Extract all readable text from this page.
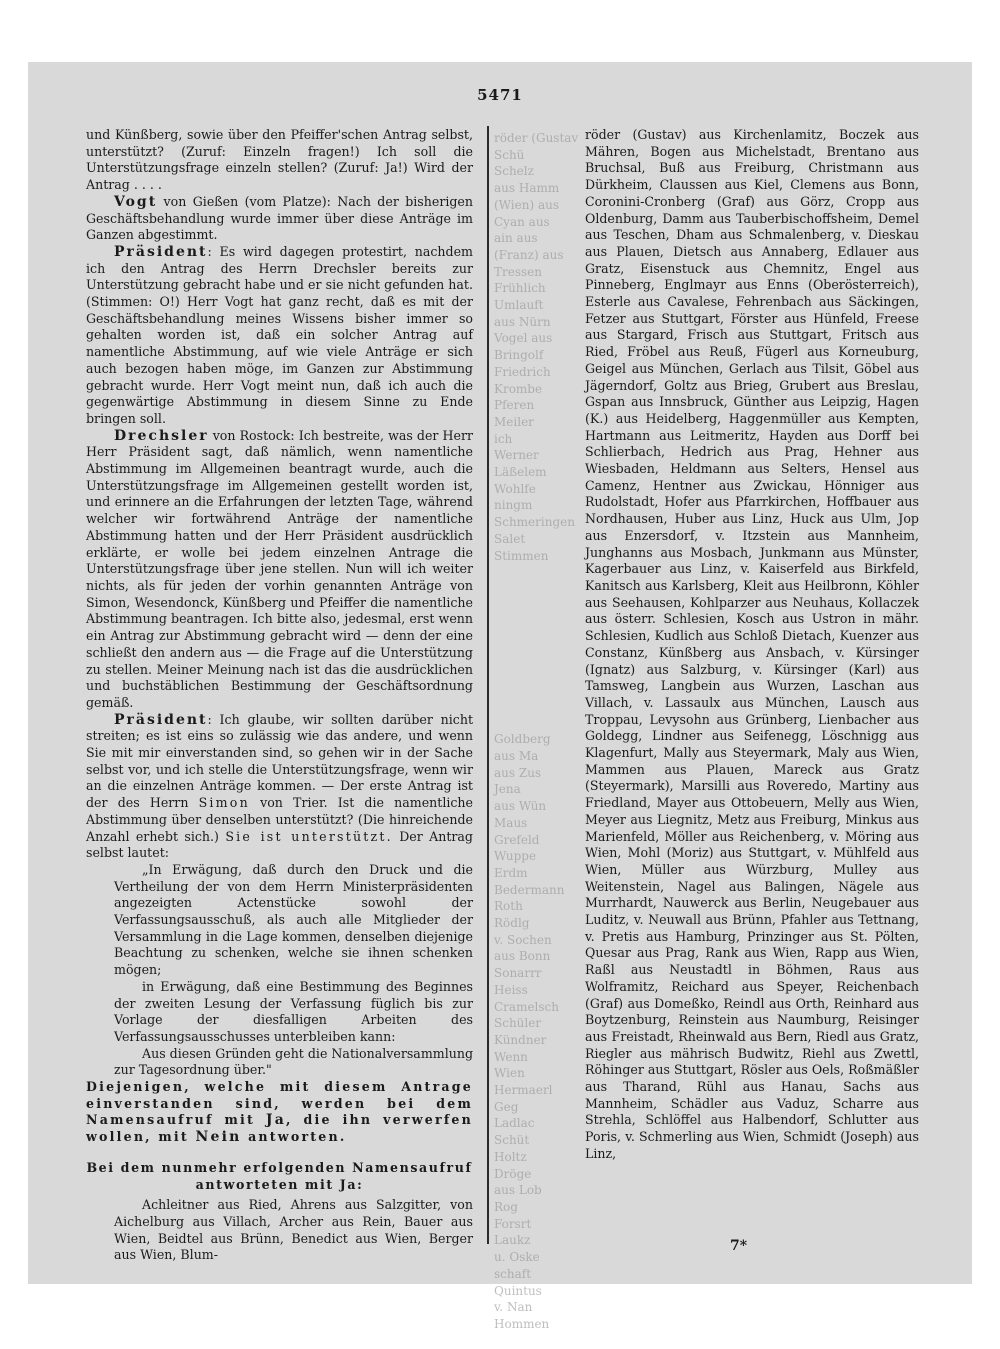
5471

und Künßberg, sowie über den Pfeiffer'schen Antrag selbst, unterstützt? (Zuruf: Einzeln fragen!) Ich soll die Unterstützungsfrage einzeln stellen? (Zuruf: Ja!) Wird der Antrag . . . .

Vogt von Gießen (vom Platze): Nach der bisherigen Geschäftsbehandlung wurde immer über diese Anträge im Ganzen abgestimmt.

Präsident: Es wird dagegen protestirt, nachdem ich den Antrag des Herrn Drechsler bereits zur Unterstützung gebracht habe und er sie nicht gefunden hat. (Stimmen: O!) Herr Vogt hat ganz recht, daß es mit der Geschäftsbehandlung meines Wissens bisher immer so gehalten worden ist, daß ein solcher Antrag auf namentliche Abstimmung, auf wie viele Anträge er sich auch bezogen haben möge, im Ganzen zur Abstimmung gebracht wurde. Herr Vogt meint nun, daß ich auch die gegenwärtige Abstimmung in diesem Sinne zu Ende bringen soll.

Drechsler von Rostock: Ich bestreite, was der Herr Herr Präsident sagt, daß nämlich, wenn namentliche Abstimmung im Allgemeinen beantragt wurde, auch die Unterstützungsfrage im Allgemeinen gestellt worden ist, und erinnere an die Erfahrungen der letzten Tage, während welcher wir fortwährend Anträge der namentliche Abstimmung hatten und der Herr Präsident ausdrücklich erklärte, er wolle bei jedem einzelnen Antrage die Unterstützungsfrage über jene stellen. Nun will ich weiter nichts, als für jeden der vorhin genannten Anträge von Simon, Wesendonck, Künßberg und Pfeiffer die namentliche Abstimmung beantragen. Ich bitte also, jedesmal, erst wenn ein Antrag zur Abstimmung gebracht wird — denn der eine schließt den andern aus — die Frage auf die Unterstützung zu stellen. Meiner Meinung nach ist das die ausdrücklichen und buchstäblichen Bestimmung der Geschäftsordnung gemäß.

Präsident: Ich glaube, wir sollten darüber nicht streiten; es ist eins so zulässig wie das andere, und wenn Sie mit mir einverstanden sind, so gehen wir in der Sache selbst vor, und ich stelle die Unterstützungsfrage, wenn wir an die einzelnen Anträge kommen. — Der erste Antrag ist der des Herrn Simon von Trier. Ist die namentliche Abstimmung über denselben unterstützt? (Die hinreichende Anzahl erhebt sich.) Sie ist unterstützt. Der Antrag selbst lautet:

„In Erwägung, daß durch den Druck und die Vertheilung der von dem Herrn Ministerpräsidenten angezeigten Actenstücke sowohl der Verfassungsausschuß, als auch alle Mitglieder der Versammlung in die Lage kommen, denselben diejenige Beachtung zu schenken, welche sie ihnen schenken mögen;

in Erwägung, daß eine Bestimmung des Beginnes der zweiten Lesung der Verfassung füglich bis zur Vorlage der diesfalligen Arbeiten des Verfassungsausschusses unterbleiben kann:

Aus diesen Gründen geht die Nationalversammlung zur Tagesordnung über."

Diejenigen, welche mit diesem Antrage einverstanden sind, werden bei dem Namensaufruf mit Ja, die ihn verwerfen wollen, mit Nein antworten.

Bei dem nunmehr erfolgenden Namensaufruf
antworteten mit Ja:

Achleitner aus Ried, Ahrens aus Salzgitter, von Aichelburg aus Villach, Archer aus Rein, Bauer aus Wien, Beidtel aus Brünn, Benedict aus Wien, Berger aus Wien, Blum-

röder (Gustav
Schü
Schelz
aus Hamm
(Wien) aus
Cyan aus
ain aus
(Franz) aus
Tressen
Frühlich
Umlauft
aus Nürn
Vogel aus
Bringolf
Friedrich
Krombe
Pferen
Meiler
ich
Werner
Läßelem
Wohlfe
ningm
Schmeringen
Salet
Stimmen

Goldberg
aus Ma
aus Zus
Jena
aus Wün
Maus
Grefeld
Wuppe
Erdm
Bedermann
Roth
Rödlg
v. Sochen
aus Bonn
Sonarrr
Heiss
Cramelsch
Schüler
Kündner
Wenn
Wien
Hermaerl
Geg
Ladlac
Schüt
Holtz
Dröge
aus Lob
Rog
Forsrt
Laukz
u. Oske
schaft
Quintus
v. Nan
Hommen

röder (Gustav) aus Kirchenlamitz, Boczek aus Mähren, Bogen aus Michelstadt, Brentano aus Bruchsal, Buß aus Freiburg, Christmann aus Dürkheim, Claussen aus Kiel, Clemens aus Bonn, Coronini-Cronberg (Graf) aus Görz, Cropp aus Oldenburg, Damm aus Tauberbischoffsheim, Demel aus Teschen, Dham aus Schmalenberg, v. Dieskau aus Plauen, Dietsch aus Annaberg, Edlauer aus Gratz, Eisenstuck aus Chemnitz, Engel aus Pinneberg, Englmayr aus Enns (Oberösterreich), Esterle aus Cavalese, Fehrenbach aus Säckingen, Fetzer aus Stuttgart, Förster aus Hünfeld, Freese aus Stargard, Frisch aus Stuttgart, Fritsch aus Ried, Fröbel aus Reuß, Fügerl aus Korneuburg, Geigel aus München, Gerlach aus Tilsit, Göbel aus Jägerndorf, Goltz aus Brieg, Grubert aus Breslau, Gspan aus Innsbruck, Günther aus Leipzig, Hagen (K.) aus Heidelberg, Haggenmüller aus Kempten, Hartmann aus Leitmeritz, Hayden aus Dorff bei Schlierbach, Hedrich aus Prag, Hehner aus Wiesbaden, Heldmann aus Selters, Hensel aus Camenz, Hentner aus Zwickau, Hönniger aus Rudolstadt, Hofer aus Pfarrkirchen, Hoffbauer aus Nordhausen, Huber aus Linz, Huck aus Ulm, Jop aus Enzersdorf, v. Itzstein aus Mannheim, Junghanns aus Mosbach, Junkmann aus Münster, Kagerbauer aus Linz, v. Kaiserfeld aus Birkfeld, Kanitsch aus Karlsberg, Kleit aus Heilbronn, Köhler aus Seehausen, Kohlparzer aus Neuhaus, Kollaczek aus österr. Schlesien, Kosch aus Ustron in mähr. Schlesien, Kudlich aus Schloß Dietach, Kuenzer aus Constanz, Künßberg aus Ansbach, v. Kürsinger (Ignatz) aus Salzburg, v. Kürsinger (Karl) aus Tamsweg, Langbein aus Wurzen, Laschan aus Villach, v. Lassaulx aus München, Lausch aus Troppau, Levysohn aus Grünberg, Lienbacher aus Goldegg, Lindner aus Seifenegg, Löschnigg aus Klagenfurt, Mally aus Steyermark, Maly aus Wien, Mammen aus Plauen, Mareck aus Gratz (Steyermark), Marsilli aus Roveredo, Martiny aus Friedland, Mayer aus Ottobeuern, Melly aus Wien, Meyer aus Liegnitz, Metz aus Freiburg, Minkus aus Marienfeld, Möller aus Reichenberg, v. Möring aus Wien, Mohl (Moriz) aus Stuttgart, v. Mühlfeld aus Wien, Müller aus Würzburg, Mulley aus Weitenstein, Nagel aus Balingen, Nägele aus Murrhardt, Nauwerck aus Berlin, Neugebauer aus Luditz, v. Neuwall aus Brünn, Pfahler aus Tettnang, v. Pretis aus Hamburg, Prinzinger aus St. Pölten, Quesar aus Prag, Rank aus Wien, Rapp aus Wien, Raßl aus Neustadtl in Böhmen, Raus aus Wolframitz, Reichard aus Speyer, Reichenbach (Graf) aus Domeßko, Reindl aus Orth, Reinhard aus Boytzenburg, Reinstein aus Naumburg, Reisinger aus Freistadt, Rheinwald aus Bern, Riedl aus Gratz, Riegler aus mährisch Budwitz, Riehl aus Zwettl, Röhinger aus Stuttgart, Rösler aus Oels, Roßmäßler aus Tharand, Rühl aus Hanau, Sachs aus Mannheim, Schädler aus Vaduz, Scharre aus Strehla, Schlöffel aus Halbendorf, Schlutter aus Poris, v. Schmerling aus Wien, Schmidt (Joseph) aus Linz,

7*
